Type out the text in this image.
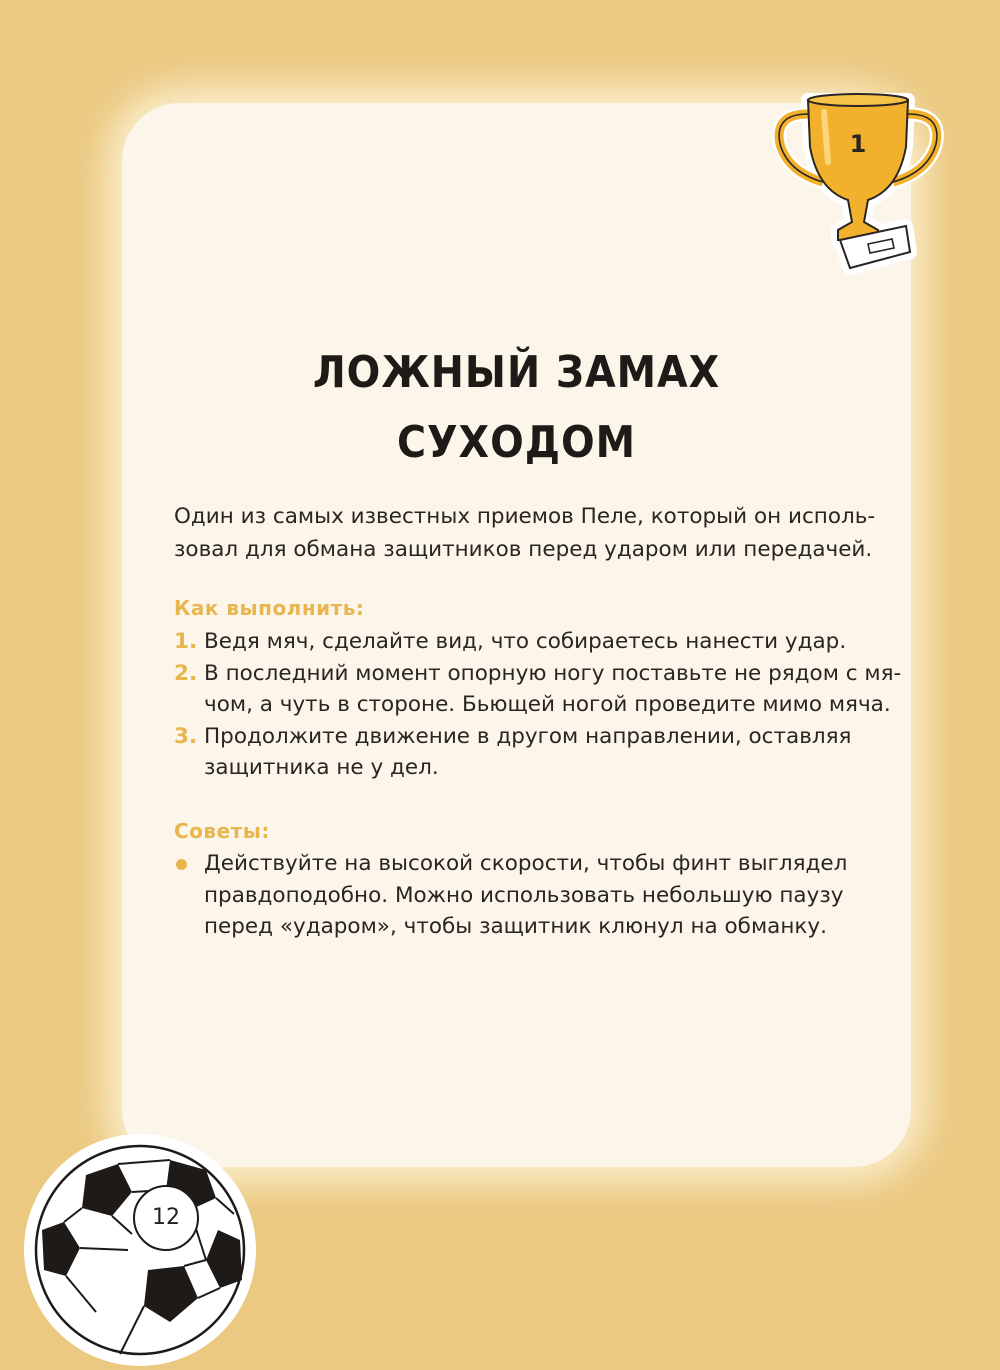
1
ЛОЖНЫЙ ЗАМАХ
СУХОДОМ

Один из самых известных приемов Пеле, который он исполь-
зовал для обмана защитников перед ударом или передачей.

Как выполнить:
1. Ведя мяч, сделайте вид, что собираетесь нанести удар.
2. В последний момент опорную ногу поставьте не рядом с мя-
чом, а чуть в стороне. Бьющей ногой проведите мимо мяча.
3. Продолжите движение в другом направлении, оставляя
защитника не у дел.
Советы:
Действуйте на высокой скорости, чтобы финт выглядел
правдоподобно. Можно использовать небольшую паузу
перед «ударом», чтобы защитник клюнул на обманку.
12
